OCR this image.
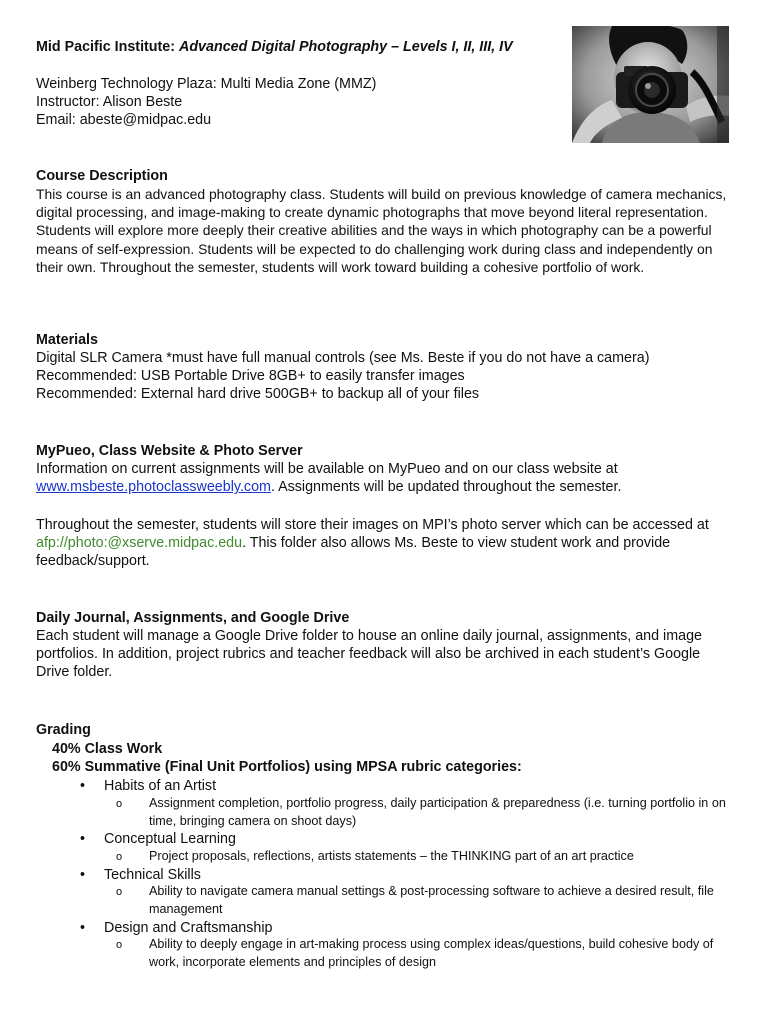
Mid Pacific Institute: Advanced Digital Photography – Levels I, II, III, IV
Weinberg Technology Plaza: Multi Media Zone (MMZ)
Instructor: Alison Beste
Email: abeste@midpac.edu
Course Description
This course is an advanced photography class. Students will build on previous knowledge of camera mechanics, digital processing, and image-making to create dynamic photographs that move beyond literal representation. Students will explore more deeply their creative abilities and the ways in which photography can be a powerful means of self-expression. Students will be expected to do challenging work during class and independently on their own. Throughout the semester, students will work toward building a cohesive portfolio of work.
Materials
Digital SLR Camera *must have full manual controls (see Ms. Beste if you do not have a camera)
Recommended: USB Portable Drive 8GB+ to easily transfer images
Recommended: External hard drive 500GB+ to backup all of your files
MyPueo, Class Website & Photo Server
Information on current assignments will be available on MyPueo and on our class website at www.msbeste.photoclassweebly.com. Assignments will be updated throughout the semester.
Throughout the semester, students will store their images on MPI’s photo server which can be accessed at afp://photo:@xserve.midpac.edu. This folder also allows Ms. Beste to view student work and provide feedback/support.
Daily Journal, Assignments, and Google Drive
Each student will manage a Google Drive folder to house an online daily journal, assignments, and image portfolios. In addition, project rubrics and teacher feedback will also be archived in each student’s Google Drive folder.
Grading
40% Class Work
60% Summative (Final Unit Portfolios) using MPSA rubric categories:
• Habits of an Artist
o Assignment completion, portfolio progress, daily participation & preparedness (i.e. turning portfolio in on time, bringing camera on shoot days)
• Conceptual Learning
o Project proposals, reflections, artists statements – the THINKING part of an art practice
• Technical Skills
o Ability to navigate camera manual settings & post-processing software to achieve a desired result, file management
• Design and Craftsmanship
o Ability to deeply engage in art-making process using complex ideas/questions, build cohesive body of work, incorporate elements and principles of design
